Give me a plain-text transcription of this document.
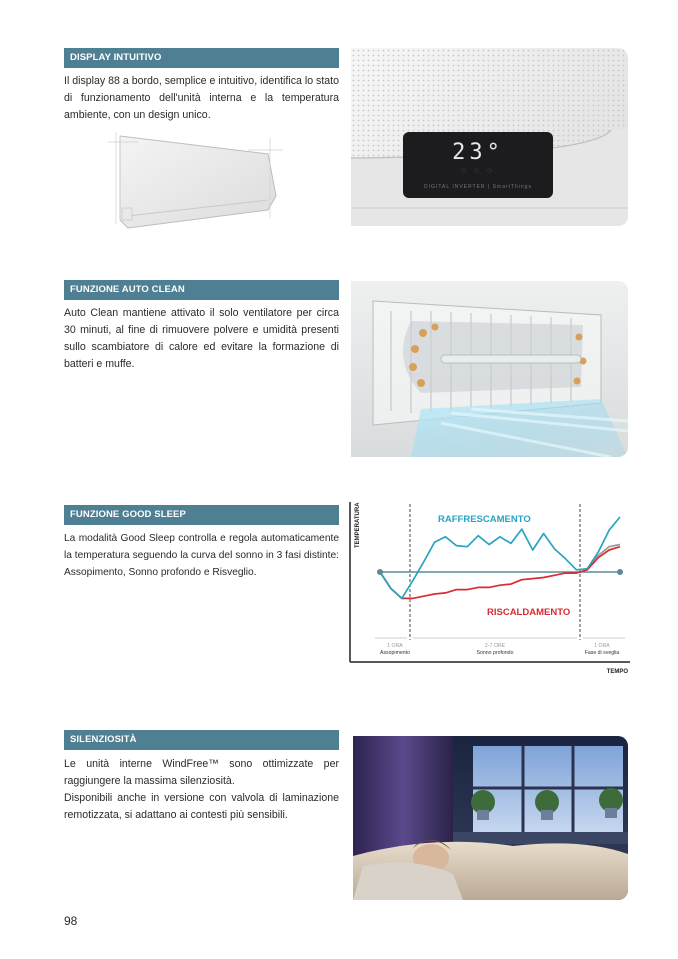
DISPLAY INTUITIVO

Il display 88 a bordo, semplice e intuitivo, identifica lo stato di funzionamento dell'unità interna e la temperatura ambiente, con un design unico.

23°
◌ ◌ ◌
DIGITAL INVERTER | SmartThings
FUNZIONE AUTO CLEAN

Auto Clean mantiene attivato il solo ventilatore per circa 30 minuti, al fine di rimuovere polvere e umidità presenti sullo scambiatore di calore ed evitare la formazione di batteri e muffe.

FUNZIONE GOOD SLEEP

La modalità Good Sleep controlla e regola automaticamente la temperatura seguendo la curva del sonno in 3 fasi distinte: Assopimento, Sonno profondo e Risveglio.

TEMPERATURA
TEMPO
RAFFRESCAMENTO
RISCALDAMENTO
1 ORA
Assopimento
2-7 ORE
Sonno profondo
1 ORA
Fase di sveglia
SILENZIOSITÀ

Le unità interne WindFree™ sono ottimizzate per raggiungere la massima silenziosità.

Disponibili anche in versione con valvola di laminazione remotizzata, si adattano ai contesti più sensibili.

98
